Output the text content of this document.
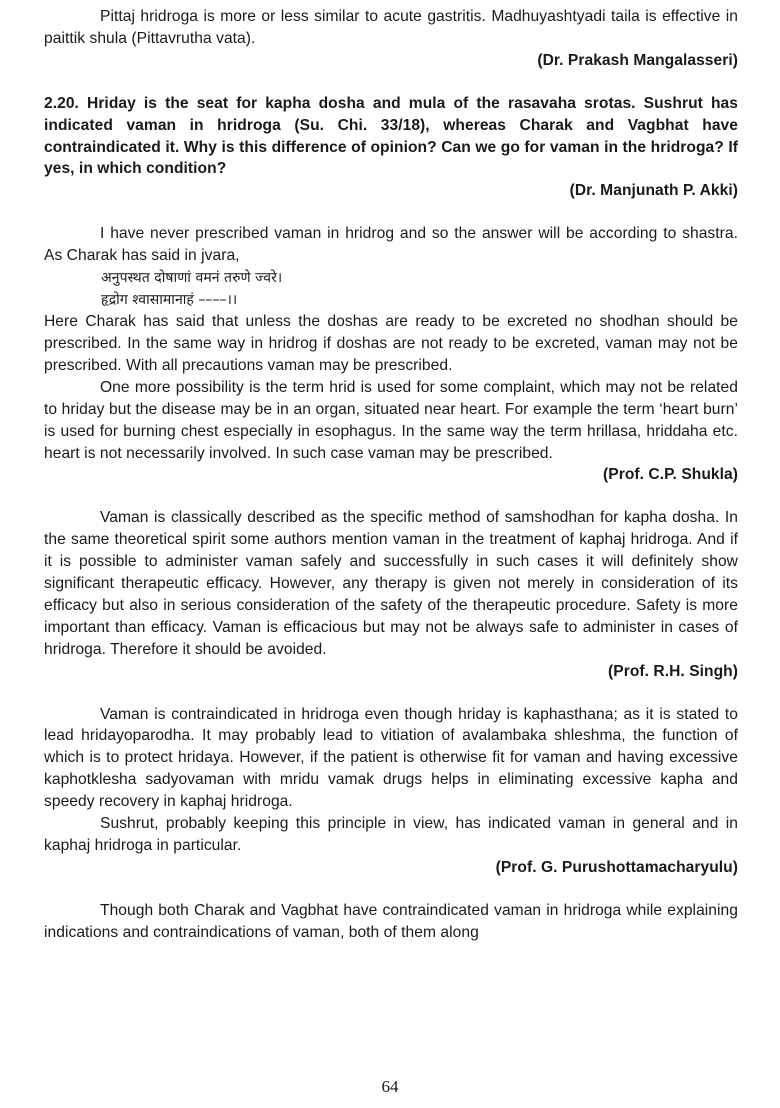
Pittaj hridroga is more or less similar to acute gastritis. Madhuyashtyadi taila is effective in paittik shula (Pittavrutha vata).

(Dr. Prakash Mangalasseri)

2.20. Hriday is the seat for kapha dosha and mula of the rasavaha srotas. Sushrut has indicated vaman in hridroga (Su. Chi. 33/18), whereas Charak and Vagbhat have contraindicated it. Why is this difference of opinion? Can we go for vaman in the hridroga? If yes, in which condition?

(Dr. Manjunath P. Akki)

I have never prescribed vaman in hridrog and so the answer will be according to shastra. As Charak has said in jvara,

अनुपस्थत दोषाणां वमनं तरुणे ज्वरे।

हृद्रोग श्वासामानाहं ––––।।

Here Charak has said that unless the doshas are ready to be excreted no shodhan should be prescribed. In the same way in hridrog if doshas are not ready to be excreted, vaman may not be prescribed. With all precautions vaman may be prescribed.

One more possibility is the term hrid is used for some complaint, which may not be related to hriday but the disease may be in an organ, situated near heart. For example the term ‘heart burn’ is used for burning chest especially in esophagus. In the same way the term hrillasa, hriddaha etc. heart is not necessarily involved. In such case vaman may be prescribed.

(Prof. C.P. Shukla)

Vaman is classically described as the specific method of samshodhan for kapha dosha. In the same theoretical spirit some authors mention vaman in the treatment of kaphaj hridroga. And if it is possible to administer vaman safely and successfully in such cases it will definitely show significant therapeutic efficacy. However, any therapy is given not merely in consideration of its efficacy but also in serious consideration of the safety of the therapeutic procedure. Safety is more important than efficacy. Vaman is efficacious but may not be always safe to administer in cases of hridroga. Therefore it should be avoided.

(Prof. R.H. Singh)

Vaman is contraindicated in hridroga even though hriday is kaphasthana; as it is stated to lead hridayoparodha. It may probably lead to vitiation of avalambaka shleshma, the function of which is to protect hridaya. However, if the patient is otherwise fit for vaman and having excessive kaphotklesha sadyovaman with mridu vamak drugs helps in eliminating excessive kapha and speedy recovery in kaphaj hridroga.

Sushrut, probably keeping this principle in view, has indicated vaman in general and in kaphaj hridroga in particular.

(Prof. G. Purushottamacharyulu)

Though both Charak and Vagbhat have contraindicated vaman in hridroga while explaining indications and contraindications of vaman, both of them along

64
